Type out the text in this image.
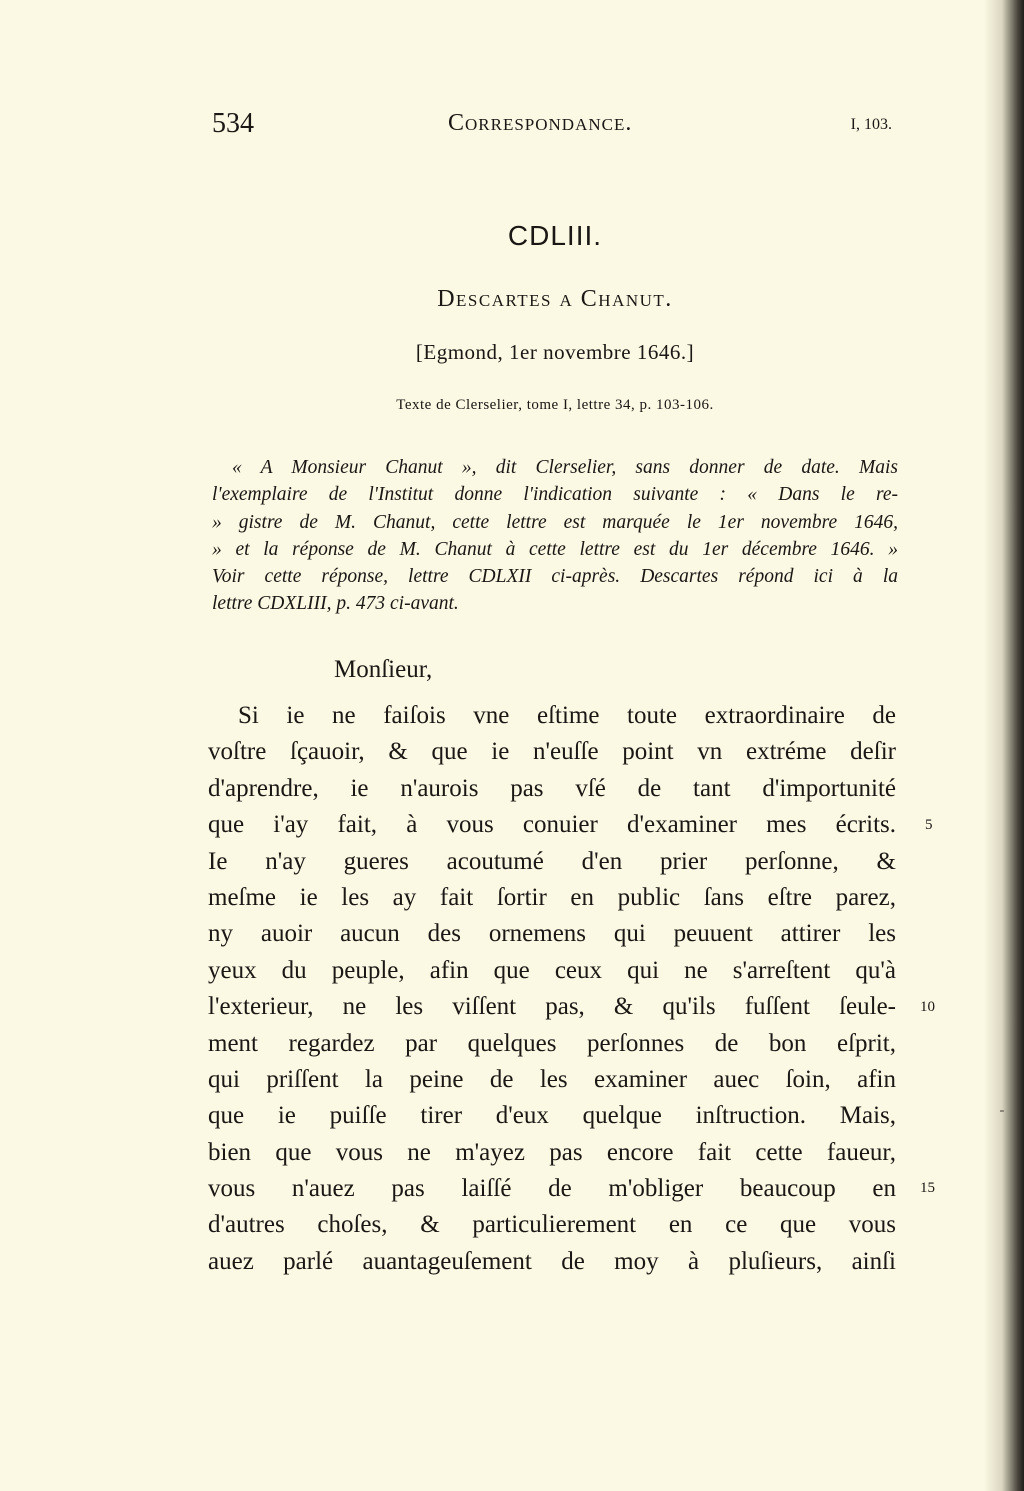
534	Correspondance.	I, 103.
CDLIII.
Descartes a Chanut.
[Egmond, 1er novembre 1646.]
Texte de Clerselier, tome I, lettre 34, p. 103-106.
« A Monsieur Chanut », dit Clerselier, sans donner de date. Mais
l'exemplaire de l'Institut donne l'indication suivante : « Dans le re-
» gistre de M. Chanut, cette lettre est marquée le 1er novembre 1646,
» et la réponse de M. Chanut à cette lettre est du 1er décembre 1646. »
Voir cette réponse, lettre CDLXII ci-après. Descartes répond ici à la
lettre CDXLIII, p. 473 ci-avant.
Monſieur,
Si ie ne faiſois vne eſtime toute extraordinaire de
voſtre ſçauoir, & que ie n'euſſe point vn extréme deſir
d'aprendre, ie n'aurois pas vſé de tant d'importunité
que i'ay fait, à vous conuier d'examiner mes écrits.
Ie n'ay gueres acoutumé d'en prier perſonne, &
meſme ie les ay fait ſortir en public ſans eſtre parez,
ny auoir aucun des ornemens qui peuuent attirer les
yeux du peuple, afin que ceux qui ne s'arreſtent qu'à
l'exterieur, ne les viſſent pas, & qu'ils fuſſent ſeule-
ment regardez par quelques perſonnes de bon eſprit,
qui priſſent la peine de les examiner auec ſoin, afin
que ie puiſſe tirer d'eux quelque inſtruction. Mais,
bien que vous ne m'ayez pas encore fait cette faueur,
vous n'auez pas laiſſé de m'obliger beaucoup en
d'autres choſes, & particulierement en ce que vous
auez parlé auantageuſement de moy à pluſieurs, ainſi
5
10
15
